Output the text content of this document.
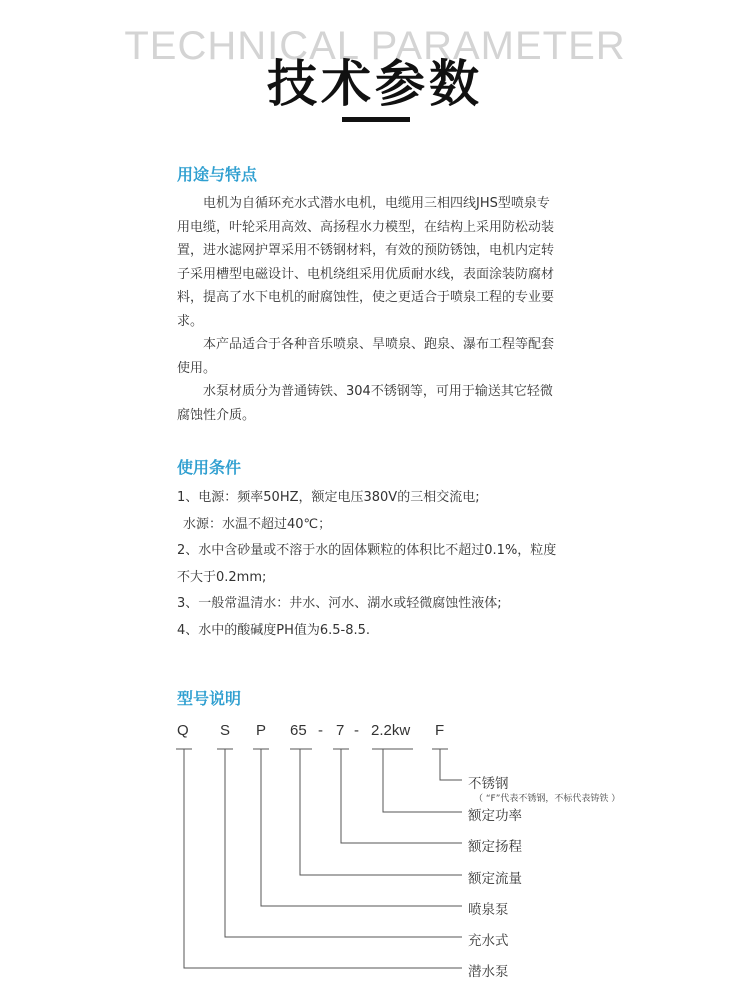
TECHNICAL PARAMETER
技术参数
用途与特点

电机为自循环充水式潜水电机，电缆用三相四线JHS型喷泉专用电缆，叶轮采用高效、高扬程水力模型，在结构上采用防松动装置，进水滤网护罩采用不锈钢材料，有效的预防锈蚀，电机内定转子采用槽型电磁设计、电机绕组采用优质耐水线，表面涂装防腐材料，提高了水下电机的耐腐蚀性，使之更适合于喷泉工程的专业要求。

本产品适合于各种音乐喷泉、旱喷泉、跑泉、瀑布工程等配套使用。

水泵材质分为普通铸铁、304不锈钢等，可用于输送其它轻微腐蚀性介质。

使用条件
1、电源：频率50HZ，额定电压380V的三相交流电;
水源：水温不超过40℃；
2、水中含砂量或不溶于水的固体颗粒的体积比不超过0.1%，粒度不大于0.2mm;
3、一般常温清水：井水、河水、湖水或轻微腐蚀性液体;
4、水中的酸碱度PH值为6.5-8.5.
型号说明
Q S P 65 - 7 - 2.2kw F
不锈钢
（ “F”代表不锈钢，不标代表铸铁 ）
额定功率
额定扬程
额定流量
喷泉泵
充水式
潜水泵
